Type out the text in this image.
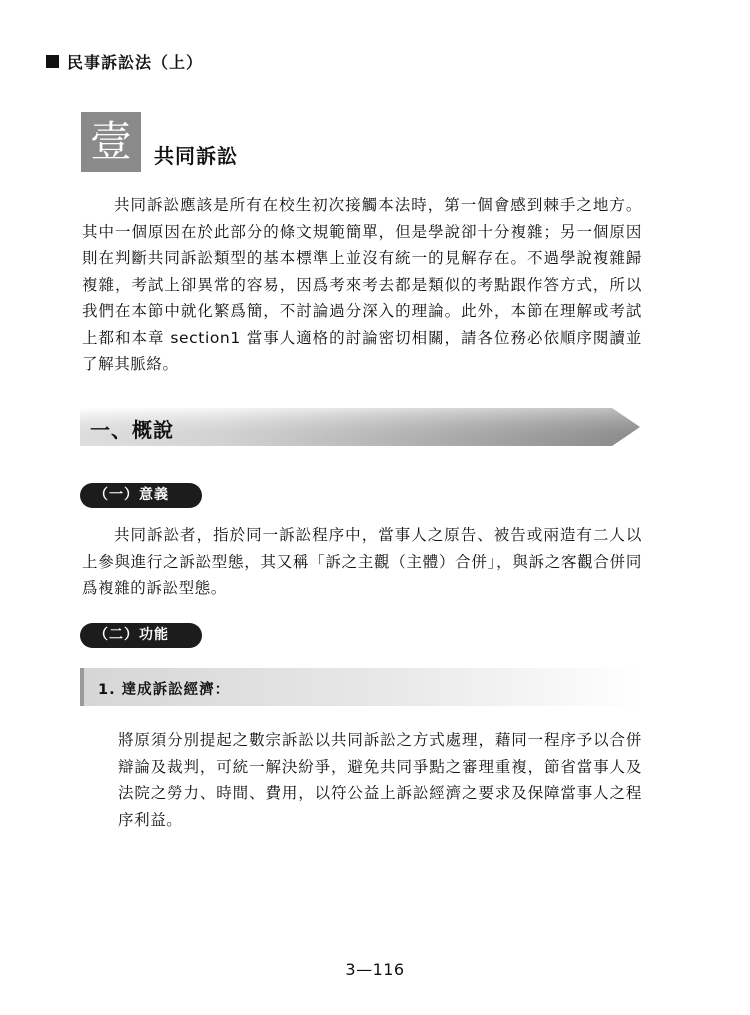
民事訴訟法（上）
壹	共同訴訟

共同訴訟應該是所有在校生初次接觸本法時，第一個會感到棘手之地方。其中一個原因在於此部分的條文規範簡單，但是學說卻十分複雜；另一個原因則在判斷共同訴訟類型的基本標準上並沒有統一的見解存在。不過學說複雜歸複雜，考試上卻異常的容易，因爲考來考去都是類似的考點跟作答方式，所以我們在本節中就化繁爲簡，不討論過分深入的理論。此外，本節在理解或考試上都和本章 section1 當事人適格的討論密切相關，請各位務必依順序閱讀並了解其脈絡。

一、概說
（一）意義

共同訴訟者，指於同一訴訟程序中，當事人之原告、被告或兩造有二人以上參與進行之訴訟型態，其又稱「訴之主觀（主體）合併」，與訴之客觀合併同爲複雜的訴訟型態。

（二）功能
1. 達成訴訟經濟：

將原須分別提起之數宗訴訟以共同訴訟之方式處理，藉同一程序予以合併辯論及裁判，可統一解決紛爭，避免共同爭點之審理重複，節省當事人及法院之勞力、時間、費用，以符公益上訴訟經濟之要求及保障當事人之程序利益。

3—116
